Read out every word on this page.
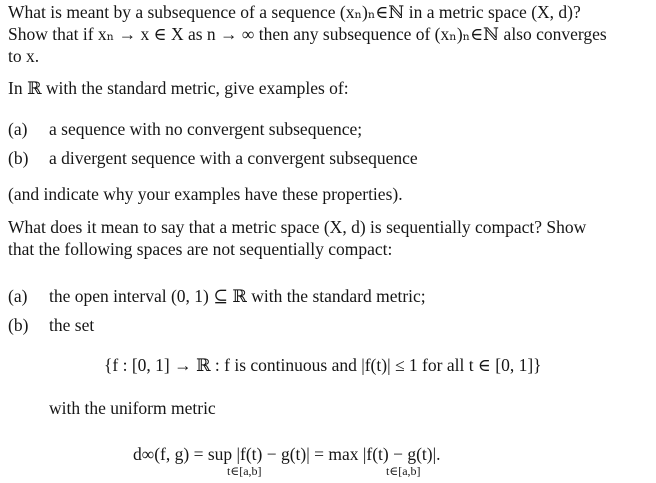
What is meant by a subsequence of a sequence (xₙ)ₙ∈ℕ in a metric space (X, d)?
Show that if xₙ → x ∈ X as n → ∞ then any subsequence of (xₙ)ₙ∈ℕ also converges
to x.
In ℝ with the standard metric, give examples of:
(a) a sequence with no convergent subsequence;
(b) a divergent sequence with a convergent subsequence
(and indicate why your examples have these properties).
What does it mean to say that a metric space (X, d) is sequentially compact? Show
that the following spaces are not sequentially compact:
(a) the open interval (0, 1) ⊆ ℝ with the standard metric;
(b) the set
{f : [0, 1] → ℝ : f is continuous and |f(t)| ≤ 1 for all t ∈ [0, 1]}
with the uniform metric
d∞(f, g) = sup |f(t) − g(t)| = max |f(t) − g(t)|.
t∈[a,b]	t∈[a,b]
